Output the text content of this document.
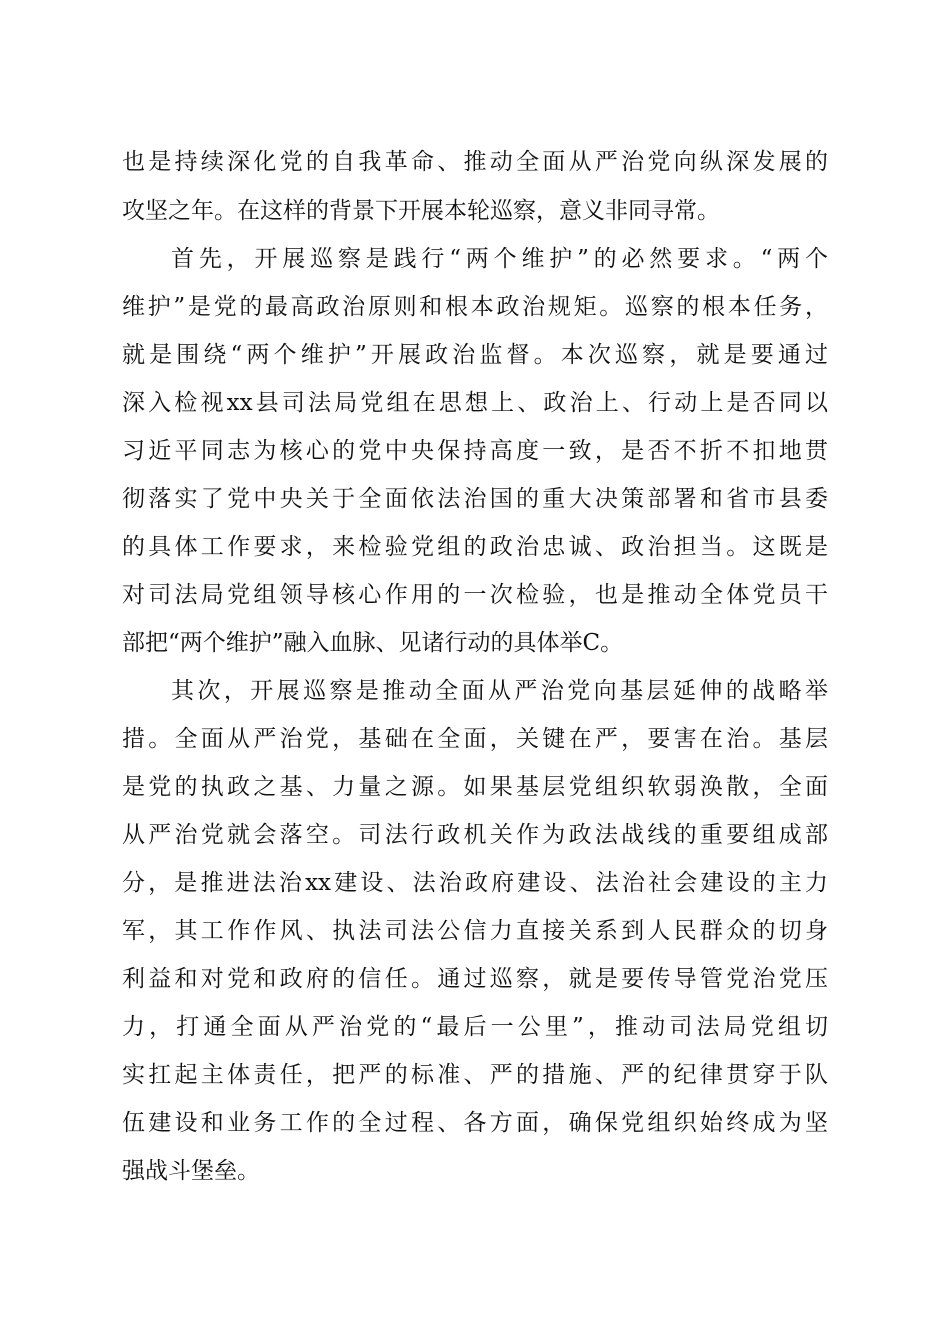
也是持续深化党的自我革命、推动全面从严治党向纵深发展的
攻坚之年。在这样的背景下开展本轮巡察，意义非同寻常。
首先，开展巡察是践行“两个维护”的必然要求。“两个
维护”是党的最高政治原则和根本政治规矩。巡察的根本任务，
就是围绕“两个维护”开展政治监督。本次巡察，就是要通过
深入检视xx县司法局党组在思想上、政治上、行动上是否同以
习近平同志为核心的党中央保持高度一致，是否不折不扣地贯
彻落实了党中央关于全面依法治国的重大决策部署和省市县委
的具体工作要求，来检验党组的政治忠诚、政治担当。这既是
对司法局党组领导核心作用的一次检验，也是推动全体党员干
部把“两个维护”融入血脉、见诸行动的具体举C。
其次，开展巡察是推动全面从严治党向基层延伸的战略举
措。全面从严治党，基础在全面，关键在严，要害在治。基层
是党的执政之基、力量之源。如果基层党组织软弱涣散，全面
从严治党就会落空。司法行政机关作为政法战线的重要组成部
分，是推进法治xx建设、法治政府建设、法治社会建设的主力
军，其工作作风、执法司法公信力直接关系到人民群众的切身
利益和对党和政府的信任。通过巡察，就是要传导管党治党压
力，打通全面从严治党的“最后一公里”，推动司法局党组切
实扛起主体责任，把严的标准、严的措施、严的纪律贯穿于队
伍建设和业务工作的全过程、各方面，确保党组织始终成为坚
强战斗堡垒。
